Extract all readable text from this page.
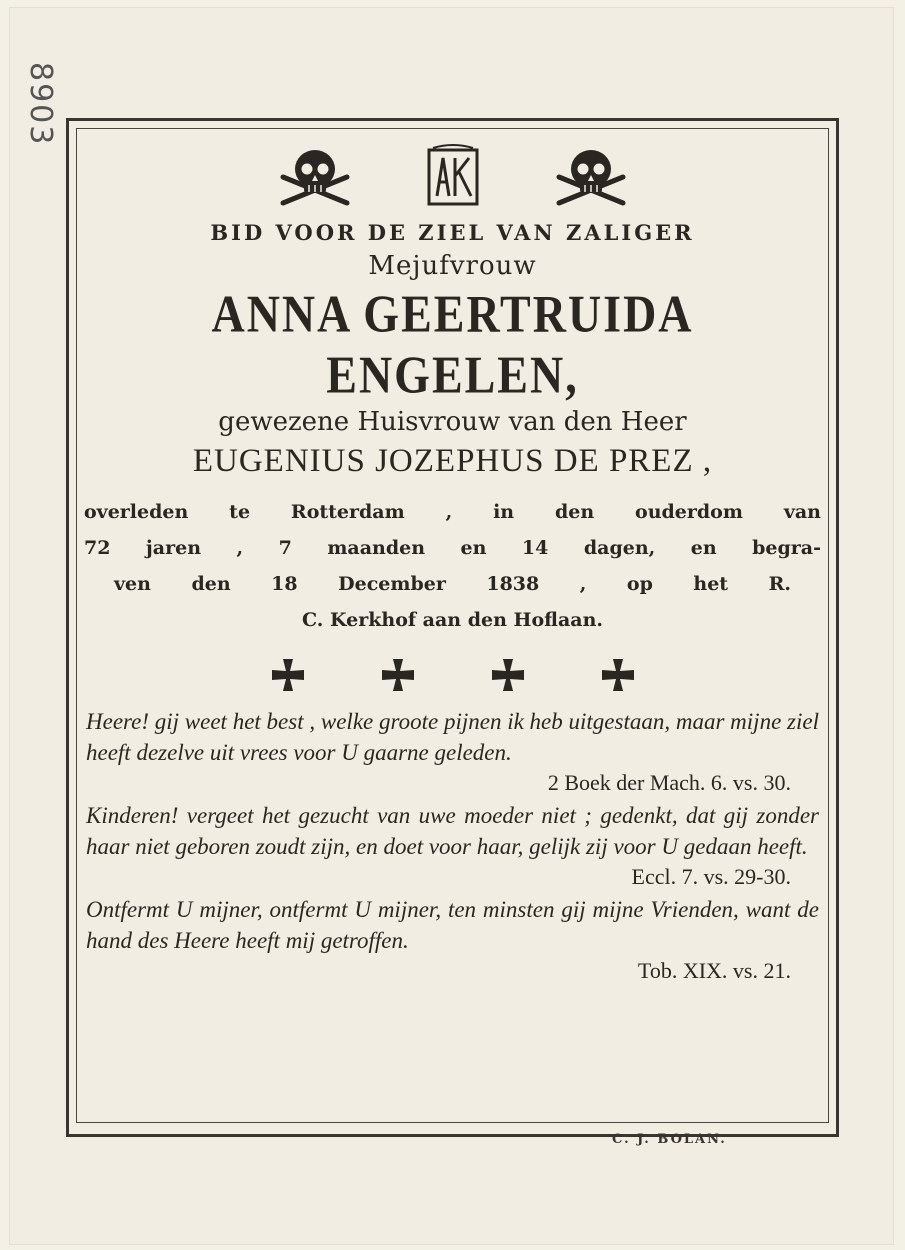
8903
BID VOOR DE ZIEL VAN ZALIGER
Mejufvrouw
ANNA GEERTRUIDA ENGELEN,
gewezene Huisvrouw van den Heer
EUGENIUS JOZEPHUS DE PREZ ,
overleden te Rotterdam , in den ouderdom van
72 jaren , 7 maanden en 14 dagen, en begra-
ven den 18 December 1838 , op het R.
C. Kerkhof aan den Hoflaan.
Heere! gij weet het best , welke groote pijnen ik heb uitgestaan, maar mijne ziel heeft dezelve uit vrees voor U gaarne geleden.
2 Boek der Mach. 6. vs. 30.
Kinderen! vergeet het gezucht van uwe moeder niet ; gedenkt, dat gij zonder haar niet geboren zoudt zijn, en doet voor haar, gelijk zij voor U gedaan heeft.
Eccl. 7. vs. 29-30.
Ontfermt U mijner, ontfermt U mijner, ten minsten gij mijne Vrienden, want de hand des Heere heeft mij getroffen.
Tob. XIX. vs. 21.
C. J. BOLAN.
